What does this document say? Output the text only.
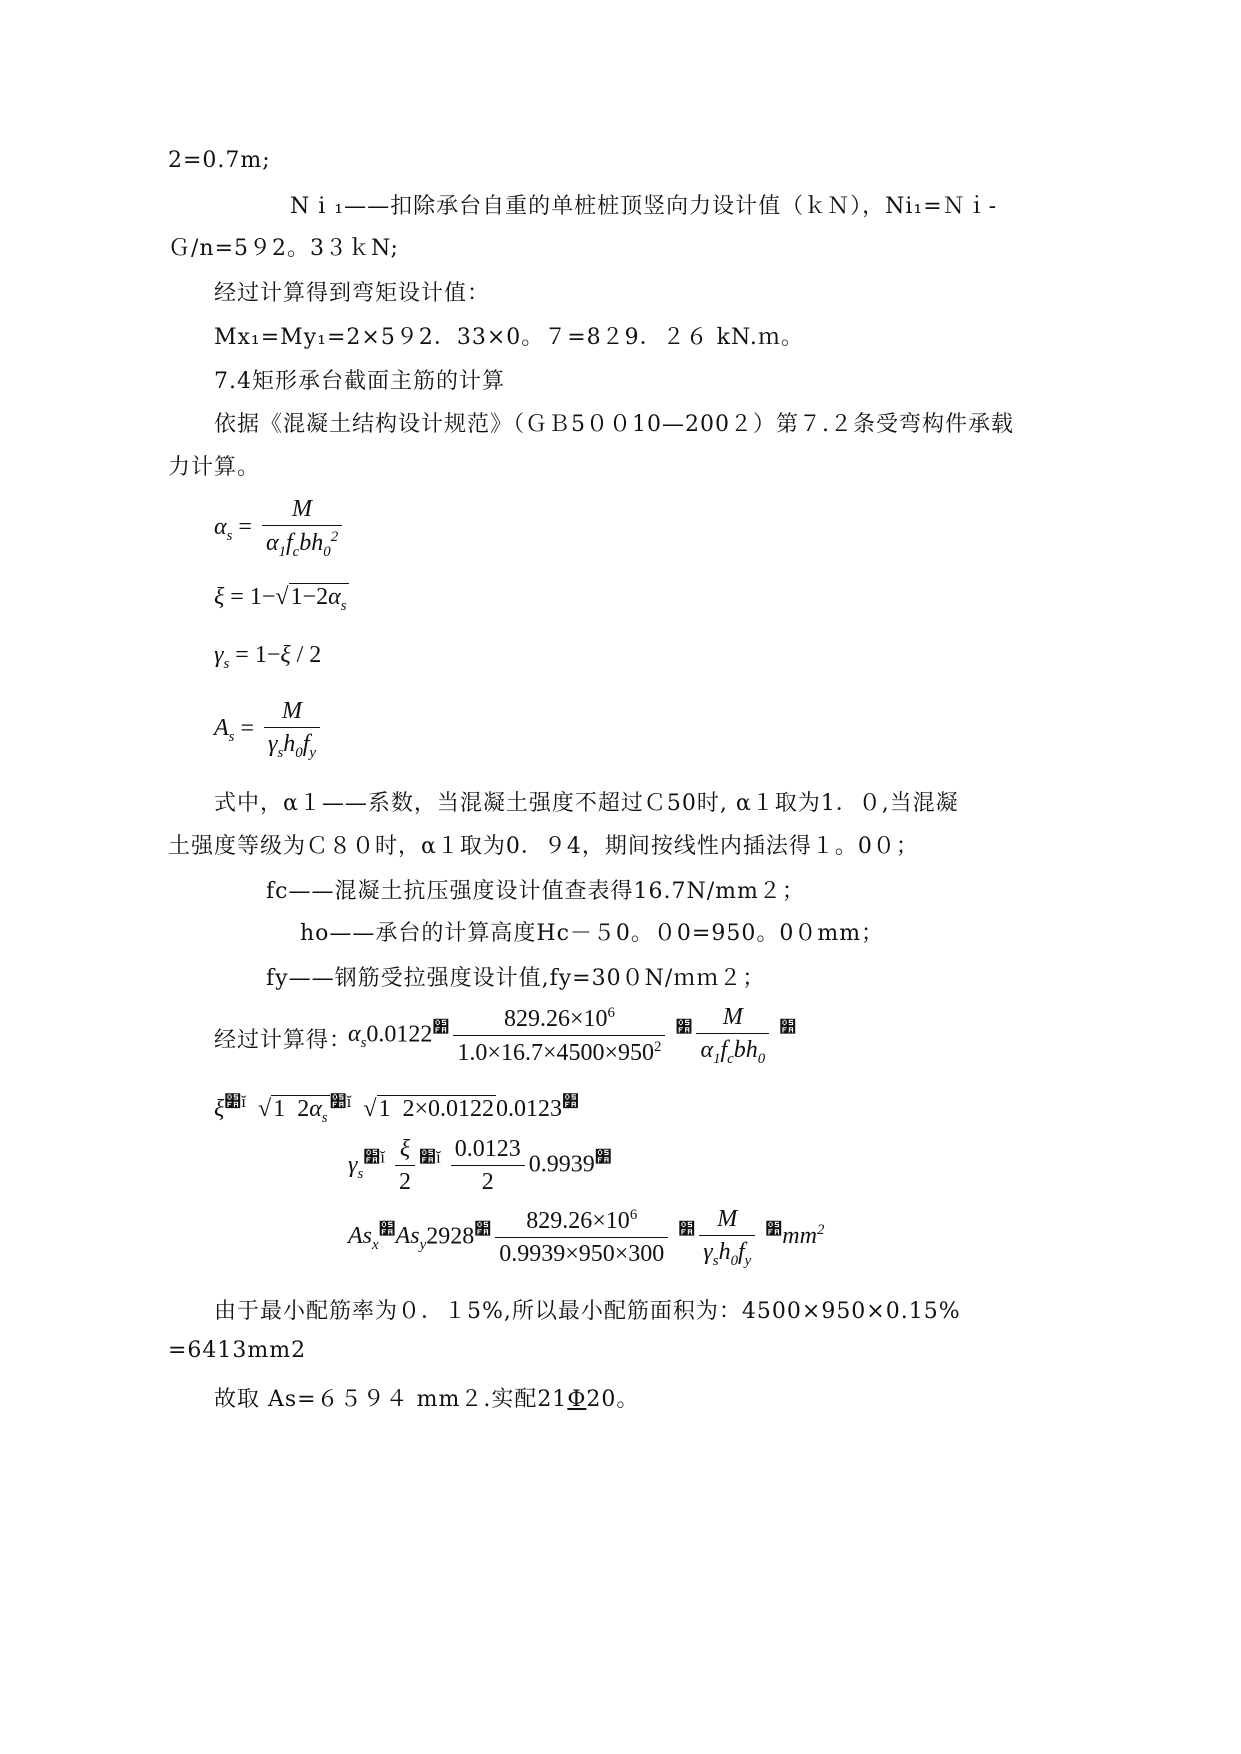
2=0.7m;
N i ₁——扣除承台自重的单桩桩顶竖向力设计值（ｋＮ），Ni₁=Ｎｉ-
Ｇ/n=5９2。3３ｋN;
经过计算得到弯矩设计值：
Mx₁=My₁=2×5９2．33×0。７=8２9．２６ kN.ｍ。
7.4矩形承台截面主筋的计算
依据《混凝土结构设计规范》（ＧＢ5００10—200２）第７.２条受弯构件承载
力计算。
$\alpha_s = \frac{M}{\alpha_1f_cbh_0^2}$
$\xi = 1-√1-2\alpha_s$
$\gamma_s = 1-\xi / 2$
$A_s = \frac{M}{\gamma_sh_0f_y}$
式中，α１——系数，当混凝土强度不超过Ｃ50时, α１取为1．０,当混凝
土强度等级为Ｃ８０时，α１取为0．９4，期间按线性内插法得１。0０；
fc——混凝土抗压强度设计值查表得16.7N/mm２；
ho——承台的计算高度Hc－５0。０0=950。0０mm；
fy——钢筋受拉强度设计值,fy=30０N/ｍｍ２；
经过计算得：
$\alpha_s^׺$
$\frac{M}{\alpha_1f_cbh_0}$
׺
$\frac{829.26\times 10^6}{1.0\times 16.7\times 4500\times 950^2}$
׺0.0122
$\xi^{׺ĭ}$  √1 $2\alpha_s^{׺ĭ}$  √1 2×0.0122	׺0.0123
$\gamma_s^{׺ĭ} \frac{\xi}{2} ^{׺ĭ} \frac{0.0123}{2}$	׺0.9939
$As_x^׺As_y^׺$
$\frac{M}{\gamma_sh_0f_y}$
׺
$\frac{829.26\times 10^6}{0.9939\times 950\times 300}$
׺2928	$mm^2$
由于最小配筋率为０．１5%,所以最小配筋面积为：4500×950×0.15%
=6413mm2
故取 As=６５９４ mm２.实配21Φ20。
